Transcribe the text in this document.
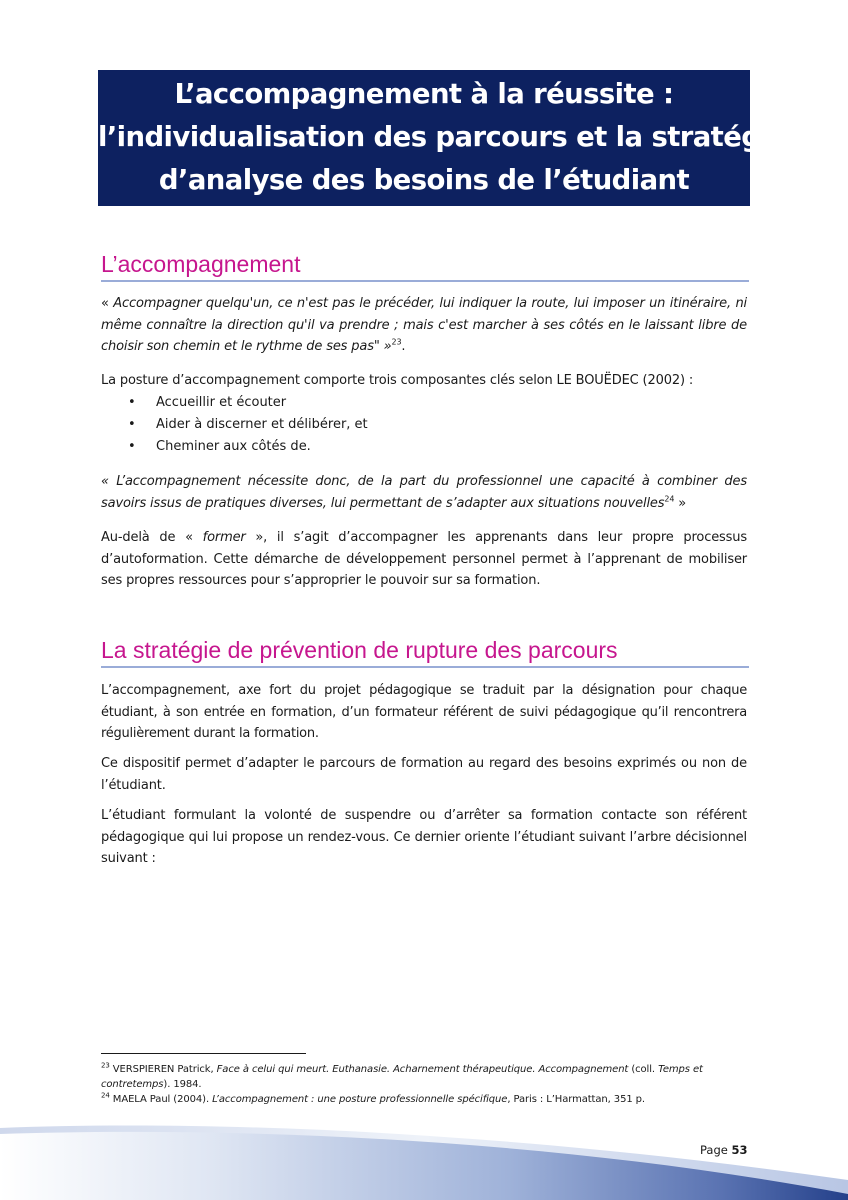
L’accompagnement à la réussite :
l’individualisation des parcours et la stratégie
d’analyse des besoins de l’étudiant
L’accompagnement
« Accompagner quelqu'un, ce n'est pas le précéder, lui indiquer la route, lui imposer un itinéraire, ni même connaître la direction qu'il va prendre ; mais c'est marcher à ses côtés en le laissant libre de choisir son chemin et le rythme de ses pas" »$^{23}$.
La posture d’accompagnement comporte trois composantes clés selon LE BOUËDEC (2002) :
• Accueillir et écouter
• Aider à discerner et délibérer, et
• Cheminer aux côtés de.
« L’accompagnement nécessite donc, de la part du professionnel une capacité à combiner des savoirs issus de pratiques diverses, lui permettant de s’adapter aux situations nouvelles$^{24}$ »
Au-delà de « former », il s’agit d’accompagner les apprenants dans leur propre processus d’autoformation. Cette démarche de développement personnel permet à l’apprenant de mobiliser ses propres ressources pour s’approprier le pouvoir sur sa formation.
La stratégie de prévention de rupture des parcours
L’accompagnement, axe fort du projet pédagogique se traduit par la désignation pour chaque étudiant, à son entrée en formation, d’un formateur référent de suivi pédagogique qu’il rencontrera régulièrement durant la formation.
Ce dispositif permet d’adapter le parcours de formation au regard des besoins exprimés ou non de l’étudiant.
L’étudiant formulant la volonté de suspendre ou d’arrêter sa formation contacte son référent pédagogique qui lui propose un rendez-vous. Ce dernier oriente l’étudiant suivant l’arbre décisionnel suivant :
$^{23}$ VERSPIEREN Patrick, Face à celui qui meurt. Euthanasie. Acharnement thérapeutique. Accompagnement (coll. Temps et contretemps). 1984.
$^{24}$ MAELA Paul (2004). L’accompagnement : une posture professionnelle spécifique, Paris : L’Harmattan, 351 p.
Page 53
